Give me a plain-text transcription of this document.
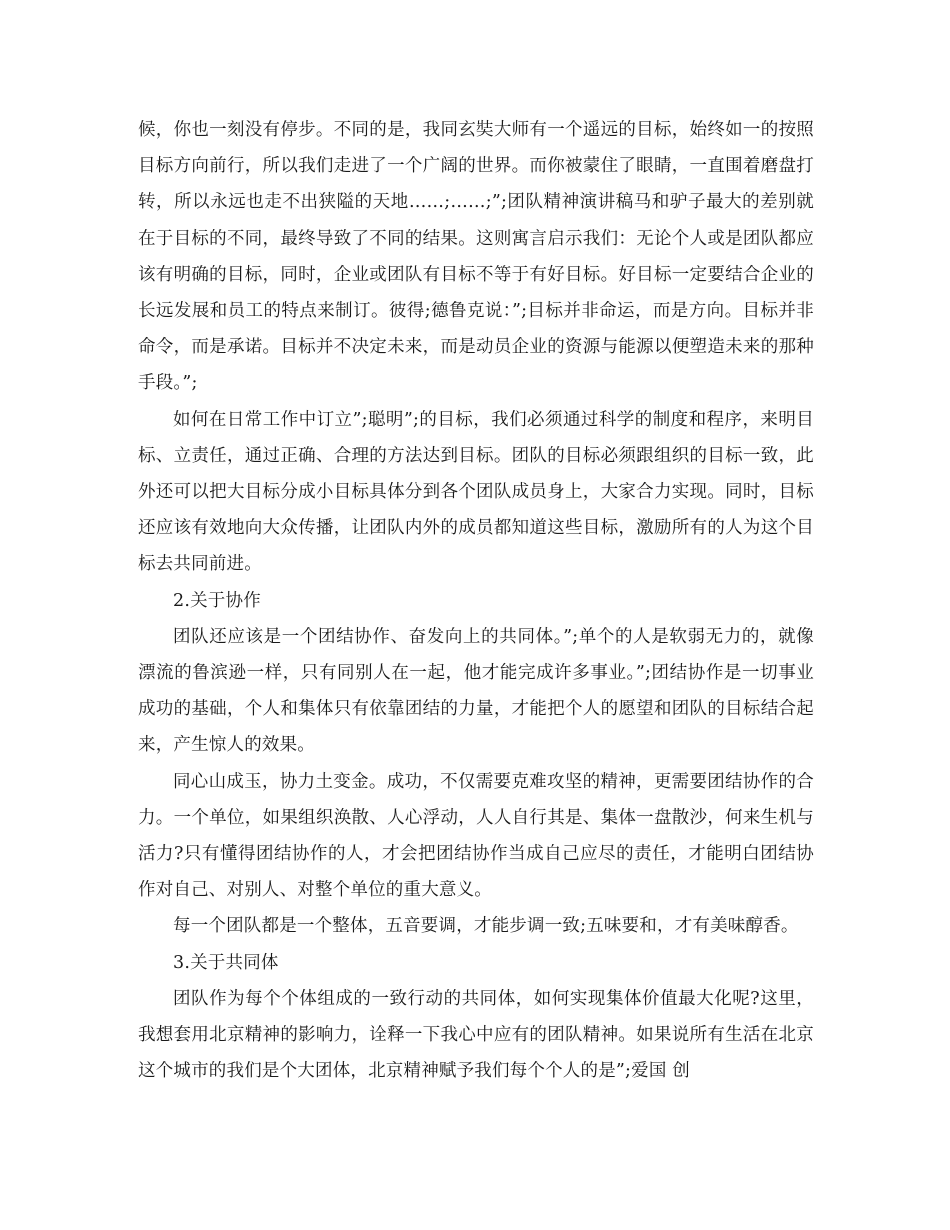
候，你也一刻没有停步。不同的是，我同玄奘大师有一个遥远的目标，始终如一的按照目标方向前行，所以我们走进了一个广阔的世界。而你被蒙住了眼睛，一直围着磨盘打转，所以永远也走不出狭隘的天地……;……;”;团队精神演讲稿马和驴子最大的差别就在于目标的不同，最终导致了不同的结果。这则寓言启示我们：无论个人或是团队都应该有明确的目标，同时，企业或团队有目标不等于有好目标。好目标一定要结合企业的长远发展和员工的特点来制订。彼得;德鲁克说：”;目标并非命运，而是方向。目标并非命令，而是承诺。目标并不决定未来，而是动员企业的资源与能源以便塑造未来的那种手段。”;

如何在日常工作中订立”;聪明”;的目标，我们必须通过科学的制度和程序，来明目标、立责任，通过正确、合理的方法达到目标。团队的目标必须跟组织的目标一致，此外还可以把大目标分成小目标具体分到各个团队成员身上，大家合力实现。同时，目标还应该有效地向大众传播，让团队内外的成员都知道这些目标，激励所有的人为这个目标去共同前进。

2.关于协作

团队还应该是一个团结协作、奋发向上的共同体。”;单个的人是软弱无力的，就像漂流的鲁滨逊一样，只有同别人在一起，他才能完成许多事业。”;团结协作是一切事业成功的基础，个人和集体只有依靠团结的力量，才能把个人的愿望和团队的目标结合起来，产生惊人的效果。

同心山成玉，协力土变金。成功，不仅需要克难攻坚的精神，更需要团结协作的合力。一个单位，如果组织涣散、人心浮动，人人自行其是、集体一盘散沙，何来生机与活力?只有懂得团结协作的人，才会把团结协作当成自己应尽的责任，才能明白团结协作对自己、对别人、对整个单位的重大意义。

每一个团队都是一个整体，五音要调，才能步调一致;五味要和，才有美味醇香。

3.关于共同体

团队作为每个个体组成的一致行动的共同体，如何实现集体价值最大化呢?这里，我想套用北京精神的影响力，诠释一下我心中应有的团队精神。如果说所有生活在北京这个城市的我们是个大团体，北京精神赋予我们每个个人的是”;爱国 创
